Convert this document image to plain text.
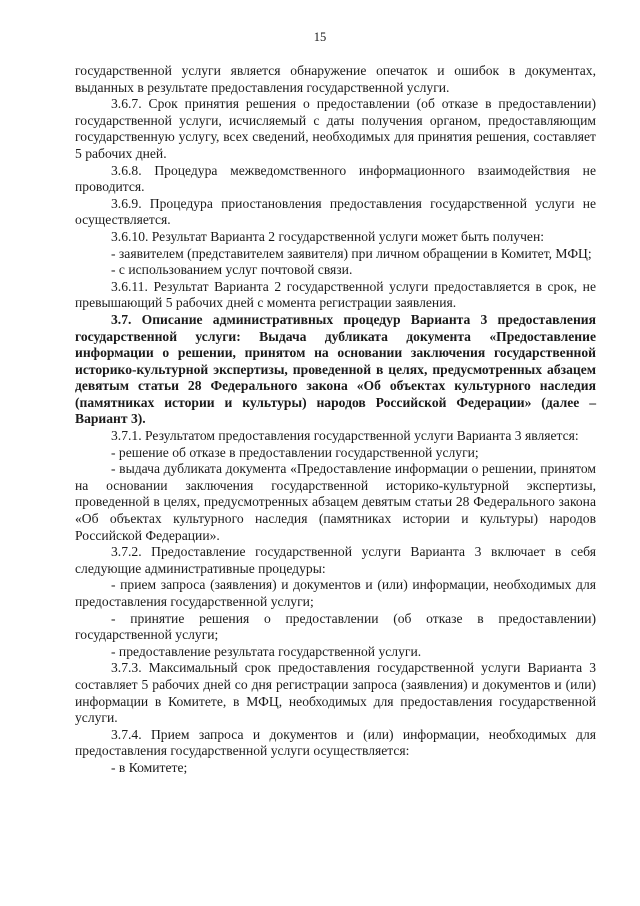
15

государственной услуги является обнаружение опечаток и ошибок в документах, выданных в результате предоставления государственной услуги.

3.6.7. Срок принятия решения о предоставлении (об отказе в предоставлении) государственной услуги, исчисляемый с даты получения органом, предоставляющим государственную услугу, всех сведений, необходимых для принятия решения, составляет 5 рабочих дней.

3.6.8. Процедура межведомственного информационного взаимодействия не проводится.

3.6.9. Процедура приостановления предоставления государственной услуги не осуществляется.

3.6.10. Результат Варианта 2 государственной услуги может быть получен:

- заявителем (представителем заявителя) при личном обращении в Комитет, МФЦ;

- с использованием услуг почтовой связи.

3.6.11. Результат Варианта 2 государственной услуги предоставляется в срок, не превышающий 5 рабочих дней с момента регистрации заявления.

3.7. Описание административных процедур Варианта 3 предоставления государственной услуги: Выдача дубликата документа «Предоставление информации о решении, принятом на основании заключения государственной историко-культурной экспертизы, проведенной в целях, предусмотренных абзацем девятым статьи 28 Федерального закона «Об объектах культурного наследия (памятниках истории и культуры) народов Российской Федерации» (далее – Вариант 3).

3.7.1. Результатом предоставления государственной услуги Варианта 3 является:

- решение об отказе в предоставлении государственной услуги;

- выдача дубликата документа «Предоставление информации о решении, принятом на основании заключения государственной историко-культурной экспертизы, проведенной в целях, предусмотренных абзацем девятым статьи 28 Федерального закона «Об объектах культурного наследия (памятниках истории и культуры) народов Российской Федерации».

3.7.2. Предоставление государственной услуги Варианта 3 включает в себя следующие административные процедуры:

- прием запроса (заявления) и документов и (или) информации, необходимых для предоставления государственной услуги;

- принятие решения о предоставлении (об отказе в предоставлении) государственной услуги;

- предоставление результата государственной услуги.

3.7.3. Максимальный срок предоставления государственной услуги Варианта 3 составляет 5 рабочих дней со дня регистрации запроса (заявления) и документов и (или) информации в Комитете, в МФЦ, необходимых для предоставления государственной услуги.

3.7.4. Прием запроса и документов и (или) информации, необходимых для предоставления государственной услуги осуществляется:

- в Комитете;
